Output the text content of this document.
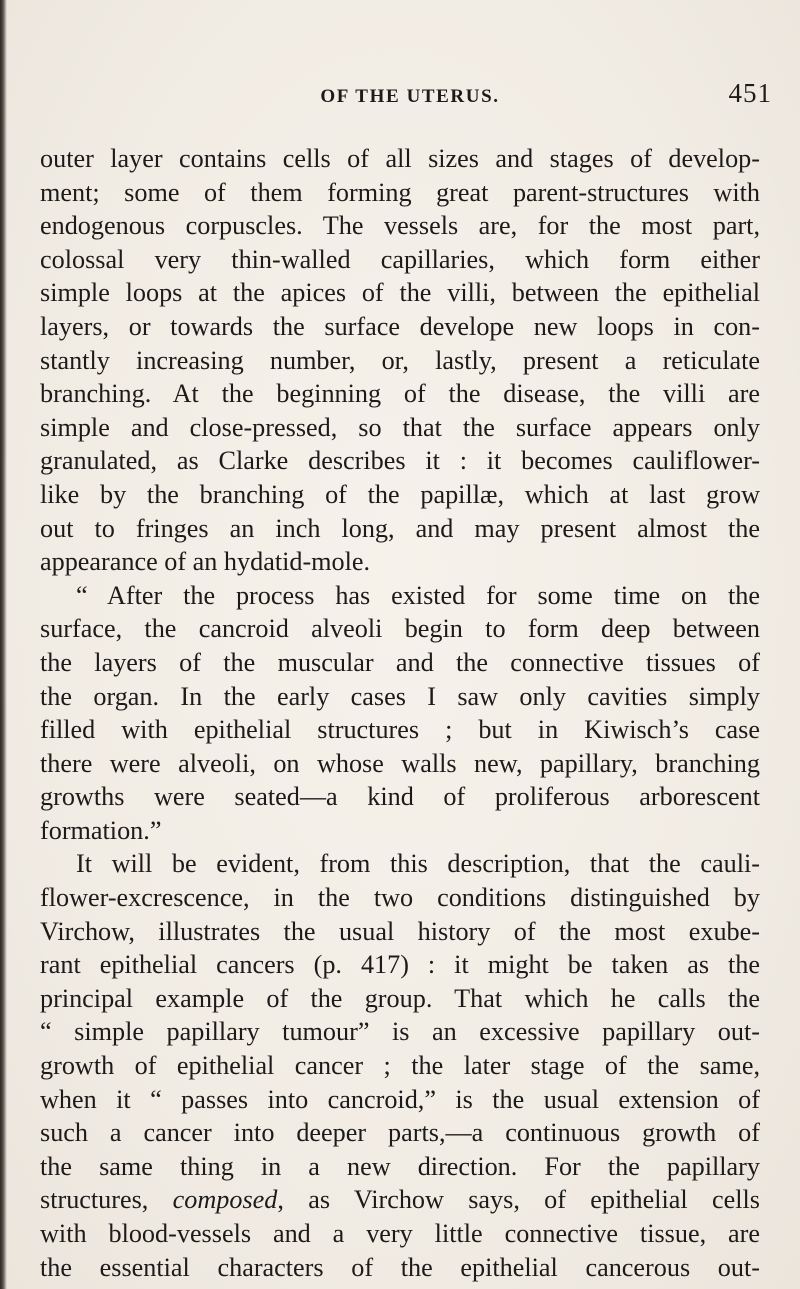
OF THE UTERUS.	451
outer layer contains cells of all sizes and stages of develop-
ment; some of them forming great parent-structures with
endogenous corpuscles. The vessels are, for the most part,
colossal very thin-walled capillaries, which form either
simple loops at the apices of the villi, between the epithelial
layers, or towards the surface develope new loops in con-
stantly increasing number, or, lastly, present a reticulate
branching. At the beginning of the disease, the villi are
simple and close-pressed, so that the surface appears only
granulated, as Clarke describes it : it becomes cauliflower-
like by the branching of the papillæ, which at last grow
out to fringes an inch long, and may present almost the
appearance of an hydatid-mole.
“ After the process has existed for some time on the
surface, the cancroid alveoli begin to form deep between
the layers of the muscular and the connective tissues of
the organ. In the early cases I saw only cavities simply
filled with epithelial structures ; but in Kiwisch’s case
there were alveoli, on whose walls new, papillary, branching
growths were seated—a kind of proliferous arborescent
formation.”
It will be evident, from this description, that the cauli-
flower-excrescence, in the two conditions distinguished by
Virchow, illustrates the usual history of the most exube-
rant epithelial cancers (p. 417) : it might be taken as the
principal example of the group. That which he calls the
“ simple papillary tumour” is an excessive papillary out-
growth of epithelial cancer ; the later stage of the same,
when it “ passes into cancroid,” is the usual extension of
such a cancer into deeper parts,—a continuous growth of
the same thing in a new direction. For the papillary
structures, composed, as Virchow says, of epithelial cells
with blood-vessels and a very little connective tissue, are
the essential characters of the epithelial cancerous out-
